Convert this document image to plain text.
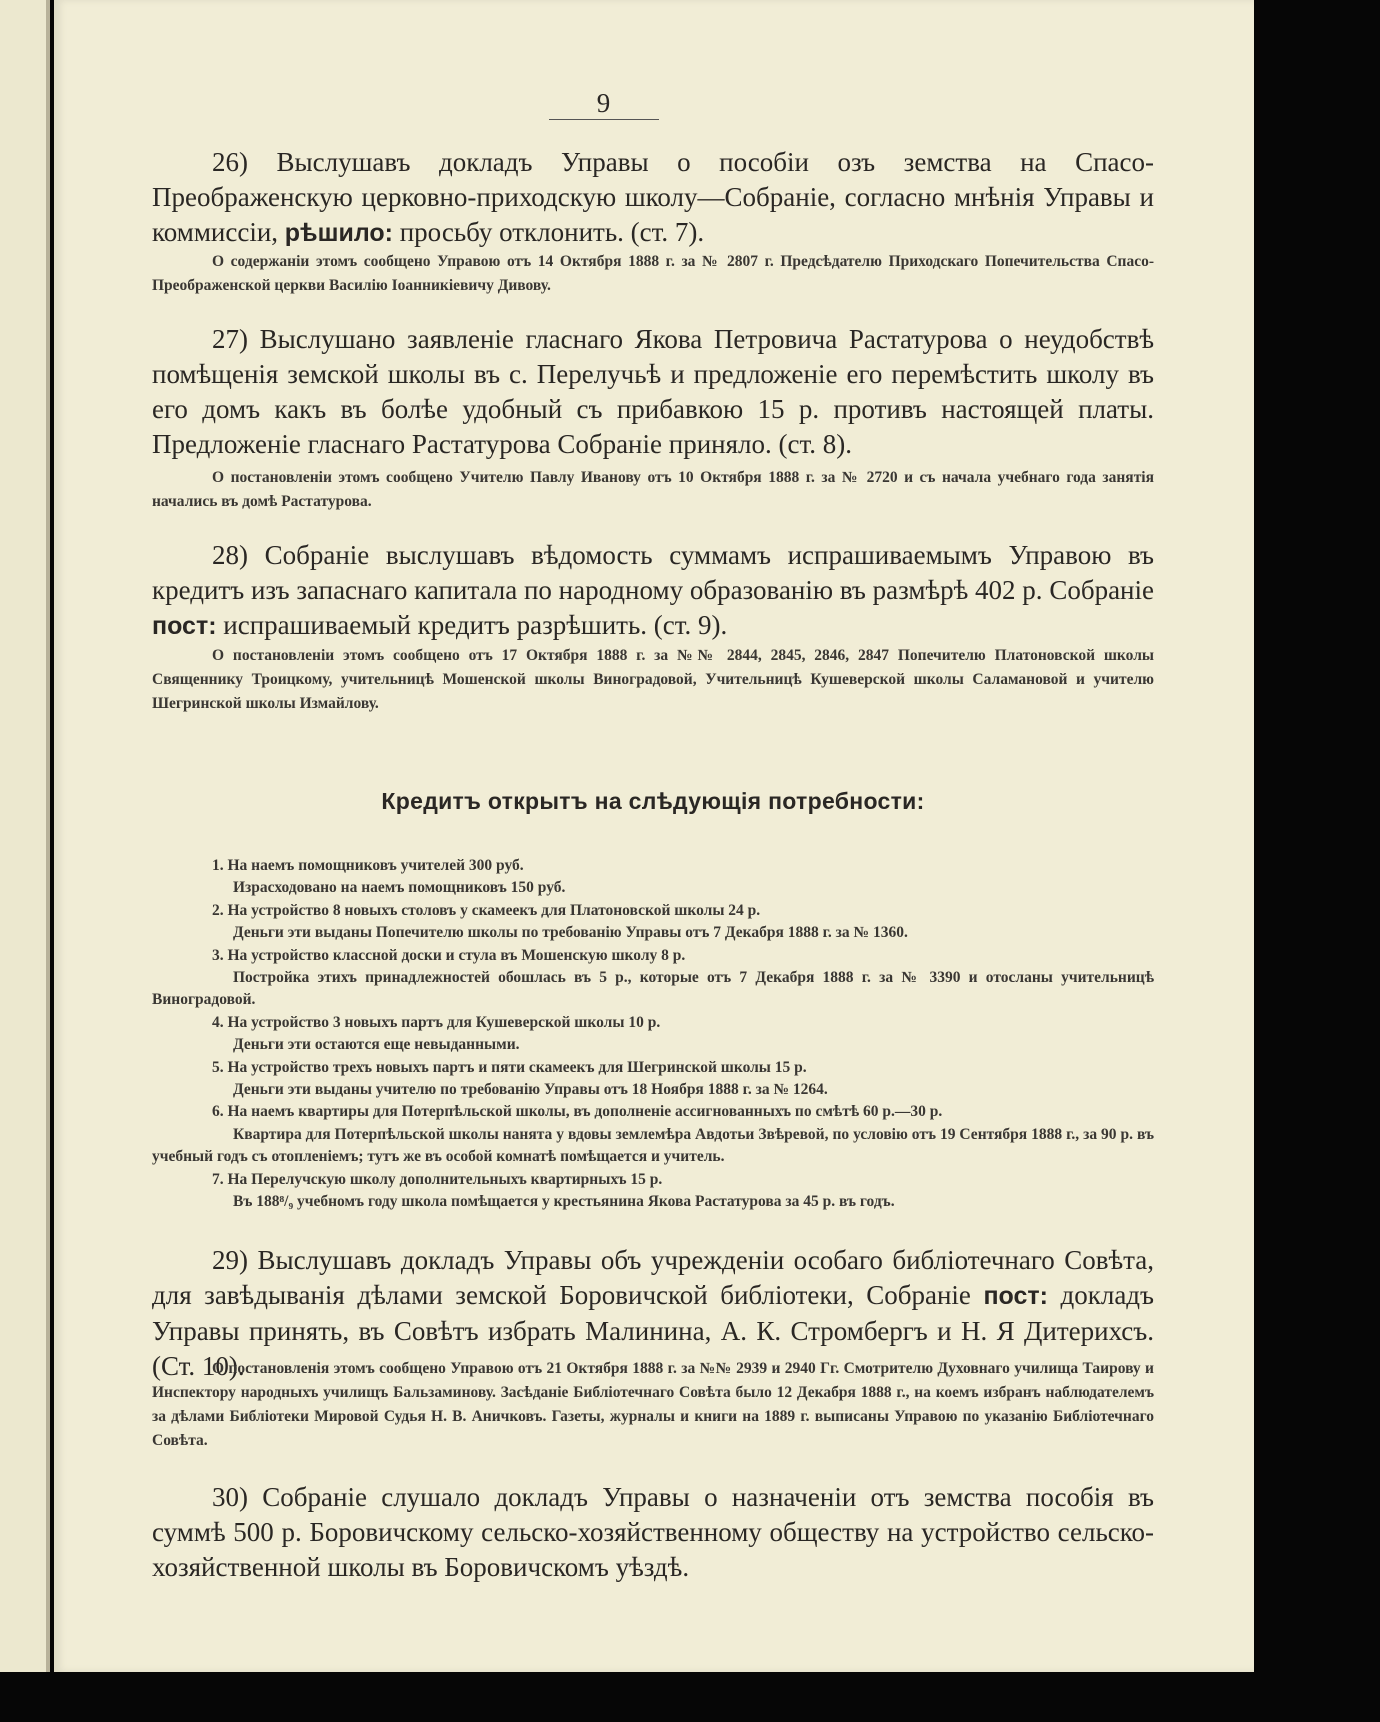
9

26) Выслушавъ докладъ Управы о пособіи озъ земства на Спасо-Преображенскую церковно-приходскую школу—Собраніе, согласно мнѣнія Управы и коммиссіи, рѣшило: просьбу отклонить. (ст. 7).

О содержаніи этомъ сообщено Управою отъ 14 Октября 1888 г. за № 2807 г. Предсѣдателю Приходскаго Попечительства Спасо-Преображенской церкви Василію Іоанникіевичу Дивову.

27) Выслушано заявленіе гласнаго Якова Петровича Растатурова о неудобствѣ помѣщенія земской школы въ с. Перелучьѣ и предложеніе его перемѣстить школу въ его домъ какъ въ болѣе удобный съ прибавкою 15 р. противъ настоящей платы. Предложеніе гласнаго Растатурова Собраніе приняло. (ст. 8).

О постановленіи этомъ сообщено Учителю Павлу Иванову отъ 10 Октября 1888 г. за № 2720 и съ начала учебнаго года занятія начались въ домѣ Растатурова.

28) Собраніе выслушавъ вѣдомость суммамъ испрашиваемымъ Управою въ кредитъ изъ запаснаго капитала по народному образованію въ размѣрѣ 402 р. Собраніе пост: испрашиваемый кредитъ разрѣшить. (ст. 9).

О постановленіи этомъ сообщено отъ 17 Октября 1888 г. за №№ 2844, 2845, 2846, 2847 Попечителю Платоновской школы Священнику Троицкому, учительницѣ Мошенской школы Виноградовой, Учительницѣ Кушеверской школы Саламановой и учителю Шегринской школы Измайлову.

Кредитъ открытъ на слѣдующія потребности:

1. На наемъ помощниковъ учителей 300 руб.

Израсходовано на наемъ помощниковъ 150 руб.

2. На устройство 8 новыхъ столовъ у скамеекъ для Платоновской школы 24 р.

Деньги эти выданы Попечителю школы по требованію Управы отъ 7 Декабря 1888 г. за № 1360.

3. На устройство классной доски и стула въ Мошенскую школу 8 р.

Постройка этихъ принадлежностей обошлась въ 5 р., которые отъ 7 Декабря 1888 г. за № 3390 и отосланы учительницѣ Виноградовой.

4. На устройство 3 новыхъ партъ для Кушеверской школы 10 р.

Деньги эти остаются еще невыданными.

5. На устройство трехъ новыхъ партъ и пяти скамеекъ для Шегринской школы 15 р.

Деньги эти выданы учителю по требованію Управы отъ 18 Ноября 1888 г. за № 1264.

6. На наемъ квартиры для Потерпѣльской школы, въ дополненіе ассигнованныхъ по смѣтѣ 60 р.—30 р.

Квартира для Потерпѣльской школы нанята у вдовы землемѣра Авдотьи Звѣревой, по условію отъ 19 Сентября 1888 г., за 90 р. въ учебный годъ съ отопленіемъ; тутъ же въ особой комнатѣ помѣщается и учитель.

7. На Перелучскую школу дополнительныхъ квартирныхъ 15 р.

Въ 188⁸/₉ учебномъ году школа помѣщается у крестьянина Якова Растатурова за 45 р. въ годъ.

29) Выслушавъ докладъ Управы объ учрежденіи особаго библіотечнаго Совѣта, для завѣдыванія дѣлами земской Боровичской библіотеки, Собраніе пост: докладъ Управы принять, въ Совѣтъ избрать Малинина, А. К. Стромбергъ и Н. Я Дитерихсъ. (Ст. 10).

О постановленія этомъ сообщено Управою отъ 21 Октября 1888 г. за №№ 2939 и 2940 Гг. Смотрителю Духовнаго училища Таирову и Инспектору народныхъ училищъ Бальзаминову. Засѣданіе Библіотечнаго Совѣта было 12 Декабря 1888 г., на коемъ избранъ наблюдателемъ за дѣлами Библіотеки Мировой Судья Н. В. Аничковъ. Газеты, журналы и книги на 1889 г. выписаны Управою по указанію Библіотечнаго Совѣта.

30) Собраніе слушало докладъ Управы о назначеніи отъ земства пособія въ суммѣ 500 р. Боровичскому сельско-хозяйственному обществу на устройство сельско-хозяйственной школы въ Боровичскомъ уѣздѣ.
